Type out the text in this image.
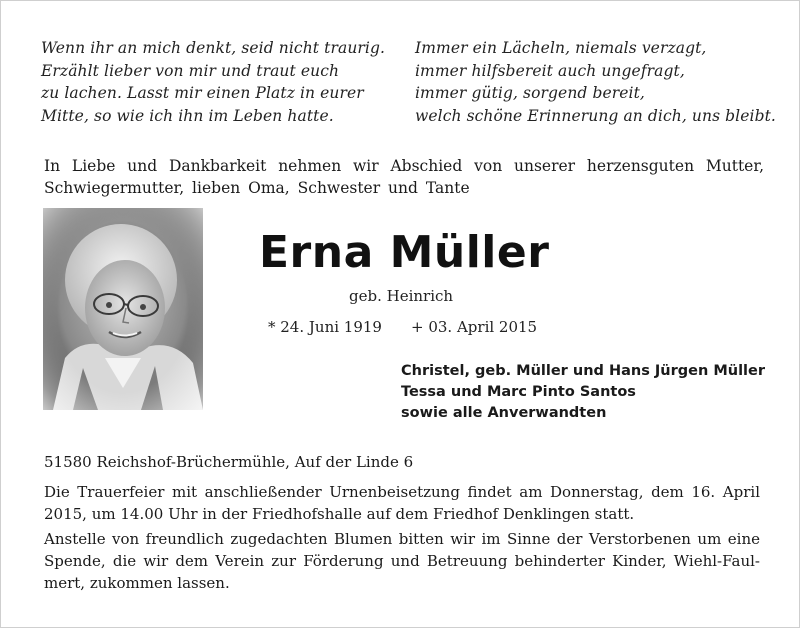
Wenn ihr an mich denkt, seid nicht traurig.
Erzählt lieber von mir und traut euch
zu lachen. Lasst mir einen Platz in eurer
Mitte, so wie ich ihn im Leben hatte.
Immer ein Lächeln, niemals verzagt,
immer hilfsbereit auch ungefragt,
immer gütig, sorgend bereit,
welch schöne Erinnerung an dich, uns bleibt.
In Liebe und Dankbarkeit nehmen wir Abschied von unserer herzensguten Mutter,
Schwiegermutter, lieben Oma, Schwester und Tante
Erna Müller
geb. Heinrich
* 24. Juni 1919 + 03. April 2015
Christel, geb. Müller und Hans Jürgen Müller
Tessa und Marc Pinto Santos
sowie alle Anverwandten
51580 Reichshof-Brüchermühle, Auf der Linde 6
Die Trauerfeier mit anschließender Urnenbeisetzung findet am Donnerstag, dem 16. April
2015, um 14.00 Uhr in der Friedhofshalle auf dem Friedhof Denklingen statt.
Anstelle von freundlich zugedachten Blumen bitten wir im Sinne der Verstorbenen um eine
Spende, die wir dem Verein zur Förderung und Betreuung behinderter Kinder, Wiehl-Faul-
mert, zukommen lassen.
